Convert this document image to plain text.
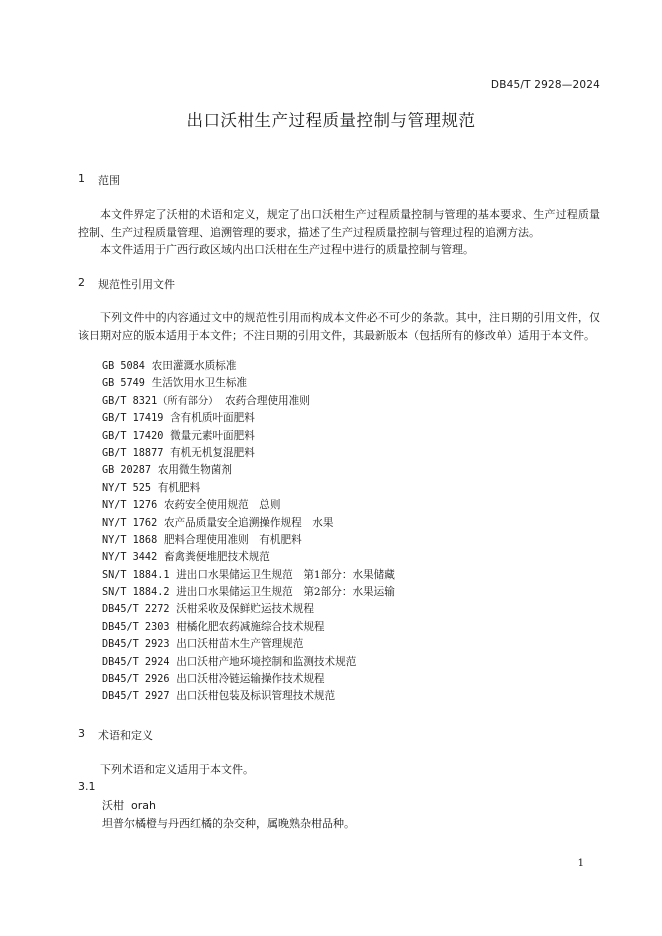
DB45/T 2928—2024
出口沃柑生产过程质量控制与管理规范
1	范围
本文件界定了沃柑的术语和定义，规定了出口沃柑生产过程质量控制与管理的基本要求、生产过程质量控制、生产过程质量管理、追溯管理的要求，描述了生产过程质量控制与管理过程的追溯方法。
本文件适用于广西行政区域内出口沃柑在生产过程中进行的质量控制与管理。
2	规范性引用文件
下列文件中的内容通过文中的规范性引用而构成本文件必不可少的条款。其中，注日期的引用文件，仅该日期对应的版本适用于本文件；不注日期的引用文件，其最新版本（包括所有的修改单）适用于本文件。
GB 5084 农田灌溉水质标准
GB 5749 生活饮用水卫生标准
GB/T 8321（所有部分） 农药合理使用准则
GB/T 17419 含有机质叶面肥料
GB/T 17420 微量元素叶面肥料
GB/T 18877 有机无机复混肥料
GB 20287 农用微生物菌剂
NY/T 525 有机肥料
NY/T 1276 农药安全使用规范　总则
NY/T 1762 农产品质量安全追溯操作规程　水果
NY/T 1868 肥料合理使用准则　有机肥料
NY/T 3442 畜禽粪便堆肥技术规范
SN/T 1884.1 进出口水果储运卫生规范　第1部分：水果储藏
SN/T 1884.2 进出口水果储运卫生规范　第2部分：水果运输
DB45/T 2272 沃柑采收及保鲜贮运技术规程
DB45/T 2303 柑橘化肥农药减施综合技术规程
DB45/T 2923 出口沃柑苗木生产管理规范
DB45/T 2924 出口沃柑产地环境控制和监测技术规范
DB45/T 2926 出口沃柑冷链运输操作技术规程
DB45/T 2927 出口沃柑包装及标识管理技术规范
3	术语和定义
下列术语和定义适用于本文件。
3.1
沃柑 orah
坦普尔橘橙与丹西红橘的杂交种，属晚熟杂柑品种。
1
